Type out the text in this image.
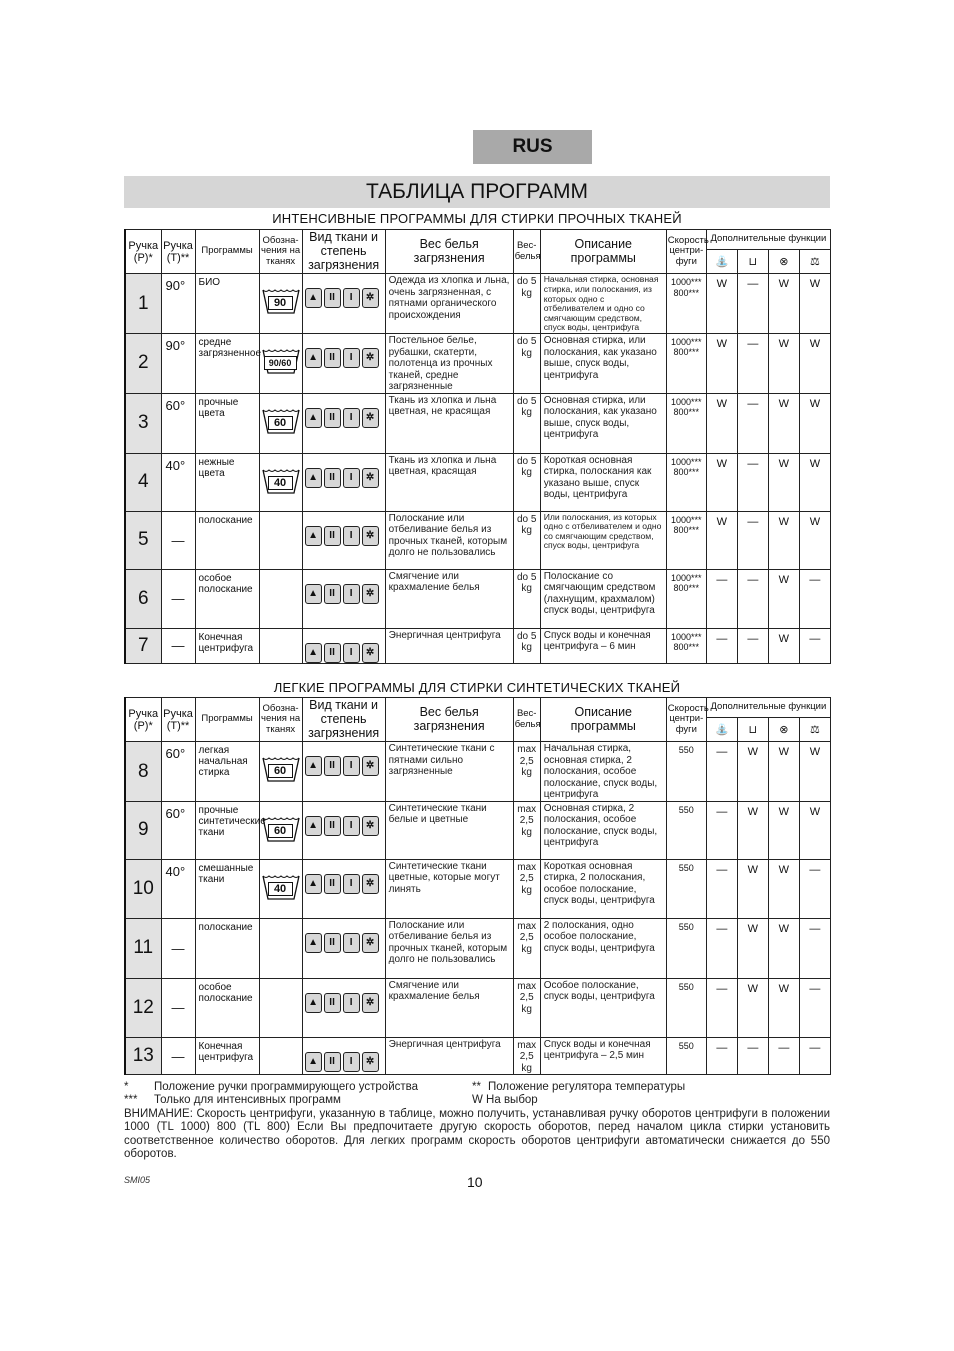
RUS
ТАБЛИЦА ПРОГРАММ
ИНТЕНСИВНЫЕ ПРОГРАММЫ ДЛЯ СТИРКИ ПРОЧНЫХ ТКАНЕЙ
Ручка (P)*	Ручка (T)**	Программы	Обозна-чения на тканях	Вид ткани и степень загрязнения	Вес белья загрязнения	Вес-белья	Описание программы	Скорость центри-фуги	Дополнительные функции			
									⛲	⊔	⊗	⚖
1	90°	БИО	90	▲ II I ✲	Одежда из хлопка и льна, очень загрязненная, с пятнами органического происхождения	do 5 kg	Начальная стирка, основная стирка, или полоскания, из которых одно с отбеливателем и одно со смягчающим средством, спуск воды, центрифуга	1000*** 800***	W	—	W	W
2	90°	средне загрязненное	90/60	▲ II I ✲	Постельное белье, рубашки, скатерти, полотенца из прочных тканей, средне загрязненные	do 5 kg	Основная стирка, или полоскания, как указано выше, спуск воды, центрифуга	1000*** 800***	W	—	W	W
3	60°	прочные цвета	60	▲ II I ✲	Ткань из хлопка и льна цветная, не красящая	do 5 kg	Основная стирка, или полоскания, как указано выше, спуск воды, центрифуга	1000*** 800***	W	—	W	W
4	40°	нежные цвета	40	▲ II I ✲	Ткань из хлопка и льна цветная, красящая	do 5 kg	Короткая основная стирка, полоскания как указано выше, спуск воды, центрифуга	1000*** 800***	W	—	W	W
5	—	полоскание		▲ II I ✲	Полоскание или отбеливание белья из прочных тканей, которым долго не пользовались	do 5 kg	Или полоскания, из которых одно с отбеливателем и одно со смягчающим средством, спуск воды, центрифуга	1000*** 800***	W	—	W	W
6	—	особое полоскание		▲ II I ✲	Смягчение или крахмаление белья	do 5 kg	Полоскание со смягчающим средством (лахнущим, крахмалом) спуск воды, центрифуга	1000*** 800***	—	—	W	—
7	—	Конечная центрифуга		▲ II I ✲	Энергичная центрифуга	do 5 kg	Спуск воды и конечная центрифуга – 6 мин	1000*** 800***	—	—	W	—
ЛЕГКИЕ ПРОГРАММЫ ДЛЯ СТИРКИ СИНТЕТИЧЕСКИХ ТКАНЕЙ
Ручка (P)*	Ручка (T)**	Программы	Обозна-чения на тканях	Вид ткани и степень загрязнения	Вес белья загрязнения	Вес-белья	Описание программы	Скорость центри-фуги	Дополнительные функции			
									⛲	⊔	⊗	⚖
8	60°	легкая начальная стирка	60	▲ II I ✲	Синтетические ткани с пятнами сильно загрязненные	max 2,5 kg	Начальная стирка, основная стирка, 2 полоскания, особое полоскание, спуск воды, центрифуга	550	—	W	W	W
9	60°	прочные синтетические ткани	60	▲ II I ✲	Синтетические ткани белые и цветные	max 2,5 kg	Основная стирка, 2 полоскания, особое полоскание, спуск воды, центрифуга	550	—	W	W	W
10	40°	смешанные ткани	40	▲ II I ✲	Синтетические ткани цветные, которые могут линять	max 2,5 kg	Короткая основная стирка, 2 полоскания, особое полоскание, спуск воды, центрифуга	550	—	W	W	—
11	—	полоскание		▲ II I ✲	Полоскание или отбеливание белья из прочных тканей, которым долго не пользовались	max 2,5 kg	2 полоскания, одно особое полоскание, спуск воды, центрифуга	550	—	W	W	—
12	—	особое полоскание		▲ II I ✲	Смягчение или крахмаление белья	max 2,5 kg	Особое полоскание, спуск воды, центрифуга	550	—	W	W	—
13	—	Конечная центрифуга		▲ II I ✲	Энергичная центрифуга	max 2,5 kg	Спуск воды и конечная центрифуга – 2,5 мин	550	—	—	—	—
*	Положение ручки программирующего устройства	** Положение регулятора температуры
***	Только для интенсивных программ	W На выбор
ВНИМАНИЕ: Скорость центрифуги, указанную в таблице, можно получить, устанавливая ручку оборотов центрифуги в положении 1000 (TL 1000) 800 (TL 800) Если Вы предпочитаете другую скорость оборотов, перед началом цикла стирки установить соответственное количество оборотов. Для легких программ скорость оборотов центрифуги автоматически снижается до 550 оборотов.
SMI05	10
